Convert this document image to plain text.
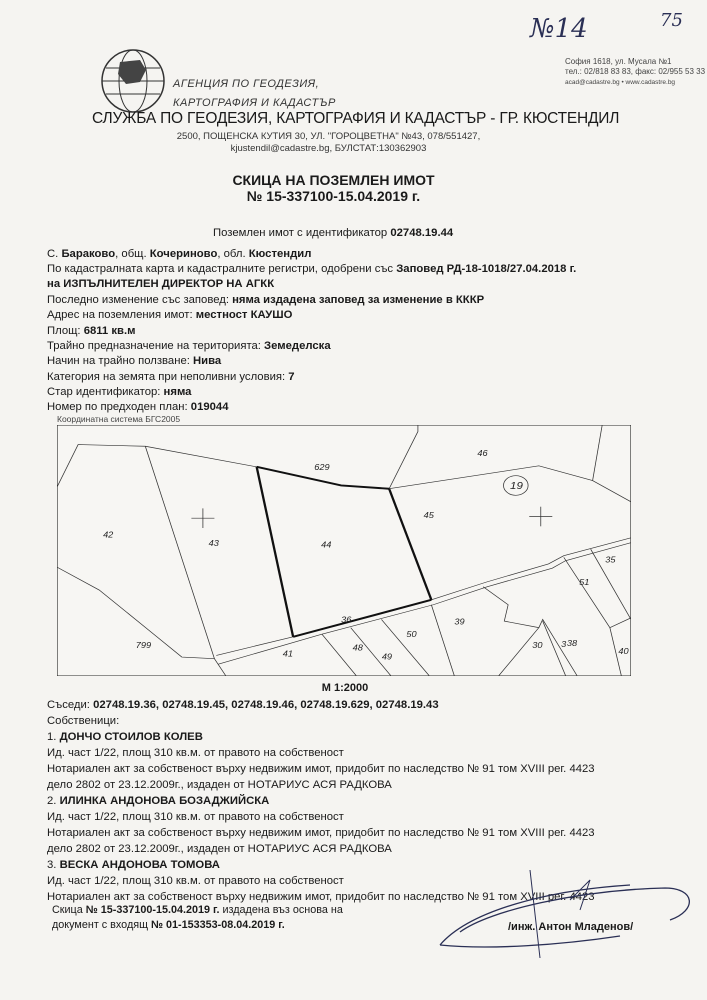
АГЕНЦИЯ ПО ГЕОДЕЗИЯ,
КАРТОГРАФИЯ И КАДАСТЪР
София 1618, ул. Мусала №1
тел.: 02/818 83 83, факс: 02/955 53 33
acad@cadastre.bg • www.cadastre.bg
СЛУЖБА ПО ГЕОДЕЗИЯ, КАРТОГРАФИЯ И КАДАСТЪР - ГР. КЮСТЕНДИЛ
2500, ПОЩЕНСКА КУТИЯ 30, УЛ. "ГОРОЦВЕТНА" №43, 078/551427,
kjustendil@cadastre.bg, БУЛСТАТ:130362903
№14	75
СКИЦА НА ПОЗЕМЛЕН ИМОТ
№ 15-337100-15.04.2019 г.
Поземлен имот с идентификатор 02748.19.44
С. Бараково, общ. Кочериново, обл. Кюстендил
По кадастралната карта и кадастралните регистри, одобрени със Заповед РД-18-1018/27.04.2018 г.
на ИЗПЪЛНИТЕЛЕН ДИРЕКТОР НА АГКК
Последно изменение със заповед: няма издадена заповед за изменение в КККР
Адрес на поземления имот: местност КАУШО
Площ: 6811 кв.м
Трайно предназначение на територията: Земеделска
Начин на трайно ползване: Нива
Категория на земята при неполивни условия: 7
Стар идентификатор: няма
Номер по предходен план: 019044
Координатна система БГС2005
42
43	44
45
46
629
35
51
39
50
36
48
49
41
799	30 3 38
40
19
М 1:2000
Съседи: 02748.19.36, 02748.19.45, 02748.19.46, 02748.19.629, 02748.19.43
Собственици:
1. ДОНЧО СТОИЛОВ КОЛЕВ
Ид. част 1/22, площ 310 кв.м. от правото на собственост
Нотариален акт за собственост върху недвижим имот, придобит по наследство № 91 том XVIII рег. 4423
дело 2802 от 23.12.2009г., издаден от НОТАРИУС АСЯ РАДКОВА
2. ИЛИНКА АНДОНОВА БОЗАДЖИЙСКА
Ид. част 1/22, площ 310 кв.м. от правото на собственост
Нотариален акт за собственост върху недвижим имот, придобит по наследство № 91 том XVIII рег. 4423
дело 2802 от 23.12.2009г., издаден от НОТАРИУС АСЯ РАДКОВА
3. ВЕСКА АНДОНОВА ТОМОВА
Ид. част 1/22, площ 310 кв.м. от правото на собственост
Нотариален акт за собственост върху недвижим имот, придобит по наследство № 91 том XVIII рег. 4423
Скица № 15-337100-15.04.2019 г. издадена въз основа на
документ с входящ № 01-153353-08.04.2019 г.	/инж. Антон Младенов/
